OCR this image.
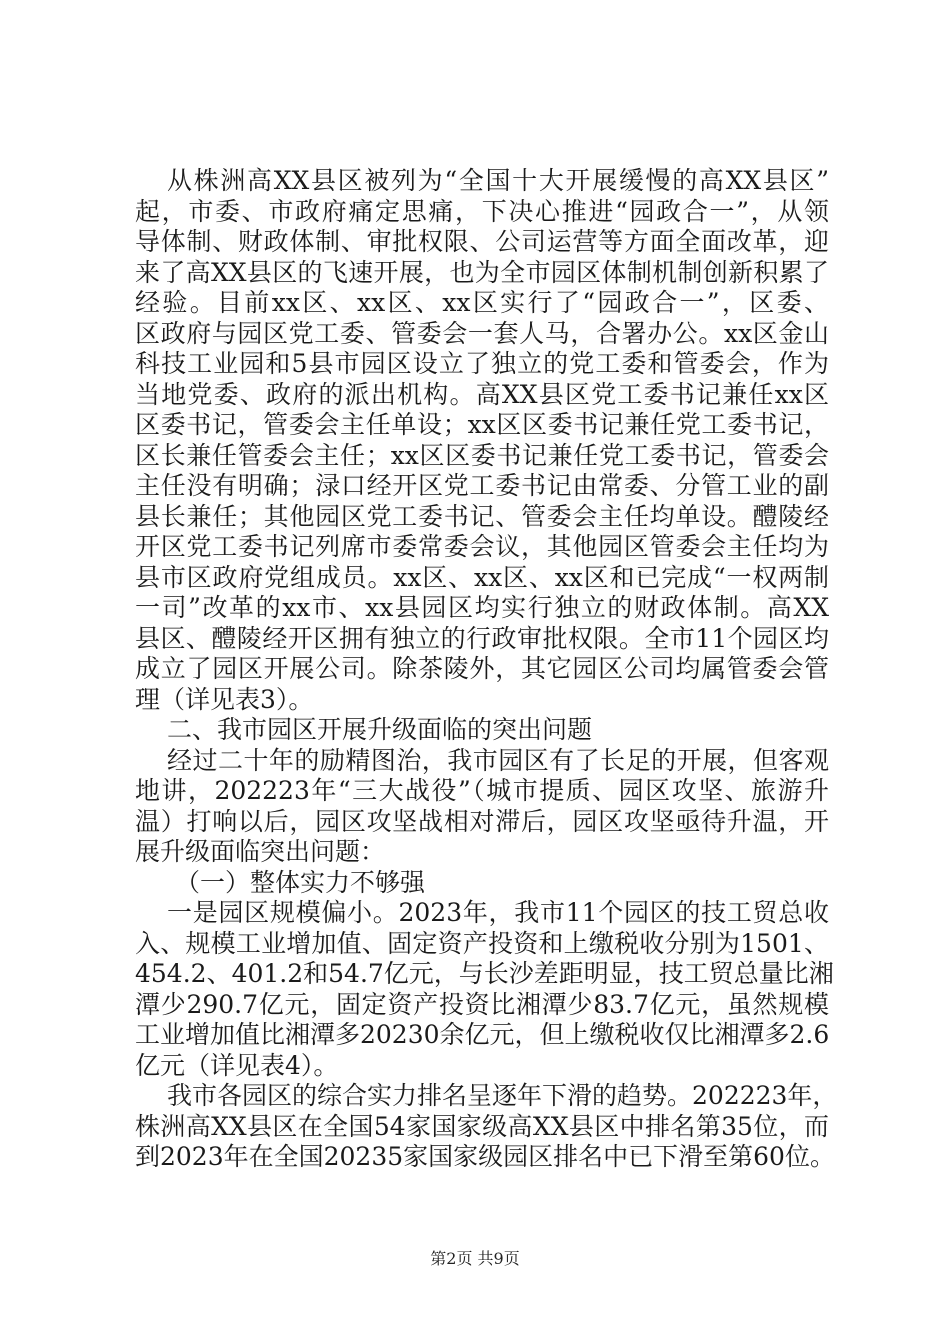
从株洲高XX县区被列为“全国十大开展缓慢的高XX县区”
起，市委、市政府痛定思痛，下决心推进“园政合一”，从领
导体制、财政体制、审批权限、公司运营等方面全面改革，迎
来了高XX县区的飞速开展，也为全市园区体制机制创新积累了
经验。目前xx区、xx区、xx区实行了“园政合一”，区委、
区政府与园区党工委、管委会一套人马，合署办公。xx区金山
科技工业园和5县市园区设立了独立的党工委和管委会，作为
当地党委、政府的派出机构。高XX县区党工委书记兼任xx区
区委书记，管委会主任单设；xx区区委书记兼任党工委书记，
区长兼任管委会主任；xx区区委书记兼任党工委书记，管委会
主任没有明确；渌口经开区党工委书记由常委、分管工业的副
县长兼任；其他园区党工委书记、管委会主任均单设。醴陵经
开区党工委书记列席市委常委会议，其他园区管委会主任均为
县市区政府党组成员。xx区、xx区、xx区和已完成“一权两制
一司”改革的xx市、xx县园区均实行独立的财政体制。高XX
县区、醴陵经开区拥有独立的行政审批权限。全市11个园区均
成立了园区开展公司。除茶陵外，其它园区公司均属管委会管
理（详见表3）。
二、我市园区开展升级面临的突出问题
经过二十年的励精图治，我市园区有了长足的开展，但客观
地讲，202223年“三大战役”（城市提质、园区攻坚、旅游升
温）打响以后，园区攻坚战相对滞后，园区攻坚亟待升温，开
展升级面临突出问题：
（一）整体实力不够强
一是园区规模偏小。2023年，我市11个园区的技工贸总收
入、规模工业增加值、固定资产投资和上缴税收分别为1501、
454.2、401.2和54.7亿元，与长沙差距明显，技工贸总量比湘
潭少290.7亿元，固定资产投资比湘潭少83.7亿元，虽然规模
工业增加值比湘潭多20230余亿元，但上缴税收仅比湘潭多2.6
亿元（详见表4）。
我市各园区的综合实力排名呈逐年下滑的趋势。202223年，
株洲高XX县区在全国54家国家级高XX县区中排名第35位，而
到2023年在全国20235家国家级园区排名中已下滑至第60位。
第2页 共9页
